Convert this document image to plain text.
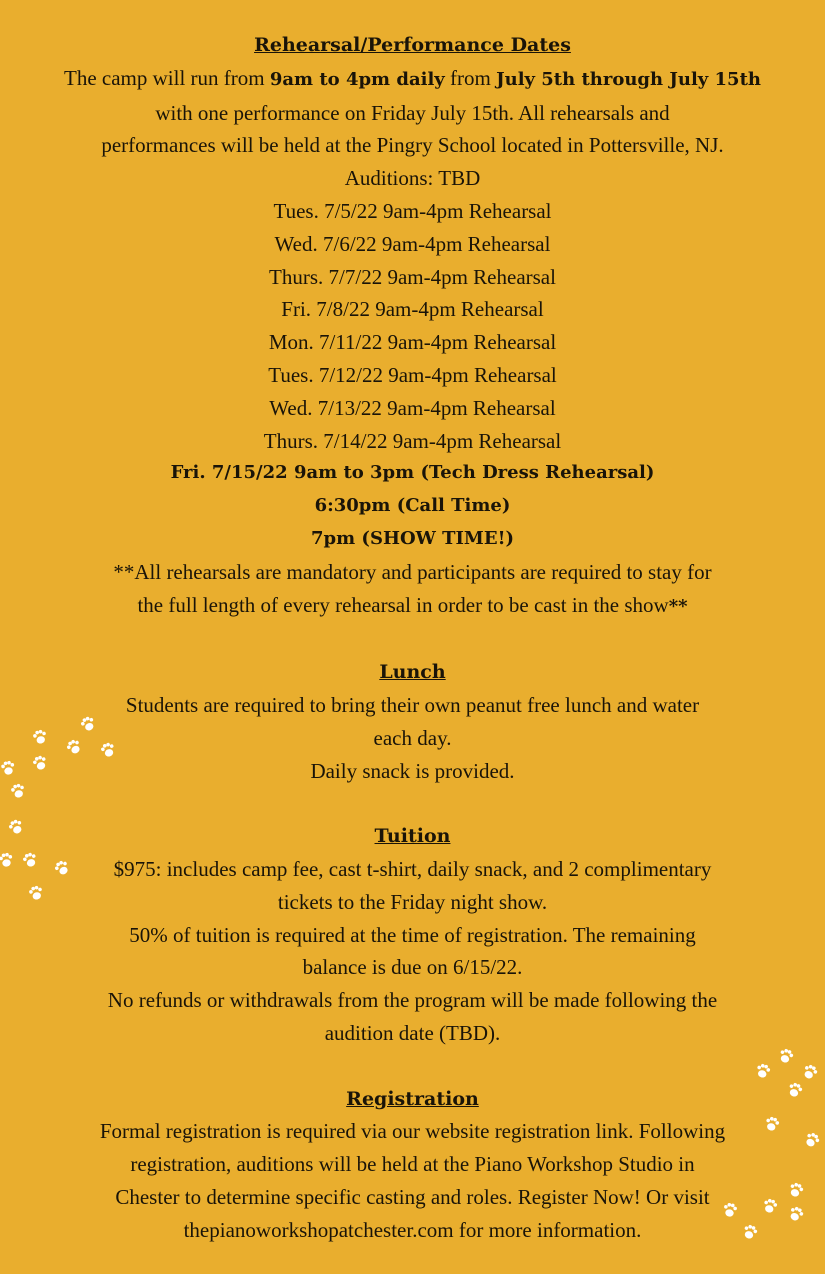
Rehearsal/Performance Dates

The camp will run from 9am to 4pm daily from July 5th through July 15th

with one performance on Friday July 15th. All rehearsals and

performances will be held at the Pingry School located in Pottersville, NJ.

Auditions: TBD

Tues. 7/5/22 9am-4pm Rehearsal

Wed. 7/6/22 9am-4pm Rehearsal

Thurs. 7/7/22 9am-4pm Rehearsal

Fri. 7/8/22 9am-4pm Rehearsal

Mon. 7/11/22 9am-4pm Rehearsal

Tues. 7/12/22 9am-4pm Rehearsal

Wed. 7/13/22 9am-4pm Rehearsal

Thurs. 7/14/22 9am-4pm Rehearsal

Fri. 7/15/22 9am to 3pm (Tech Dress Rehearsal)

6:30pm (Call Time)

7pm (SHOW TIME!)

**All rehearsals are mandatory and participants are required to stay for

the full length of every rehearsal in order to be cast in the show**

Lunch

Students are required to bring their own peanut free lunch and water

each day.

Daily snack is provided.

Tuition

$975: includes camp fee, cast t-shirt, daily snack, and 2 complimentary

tickets to the Friday night show.

50% of tuition is required at the time of registration. The remaining

balance is due on 6/15/22.

No refunds or withdrawals from the program will be made following the

audition date (TBD).

Registration

Formal registration is required via our website registration link. Following

registration, auditions will be held at the Piano Workshop Studio in

Chester to determine specific casting and roles. Register Now! Or visit

thepianoworkshopatchester.com for more information.
